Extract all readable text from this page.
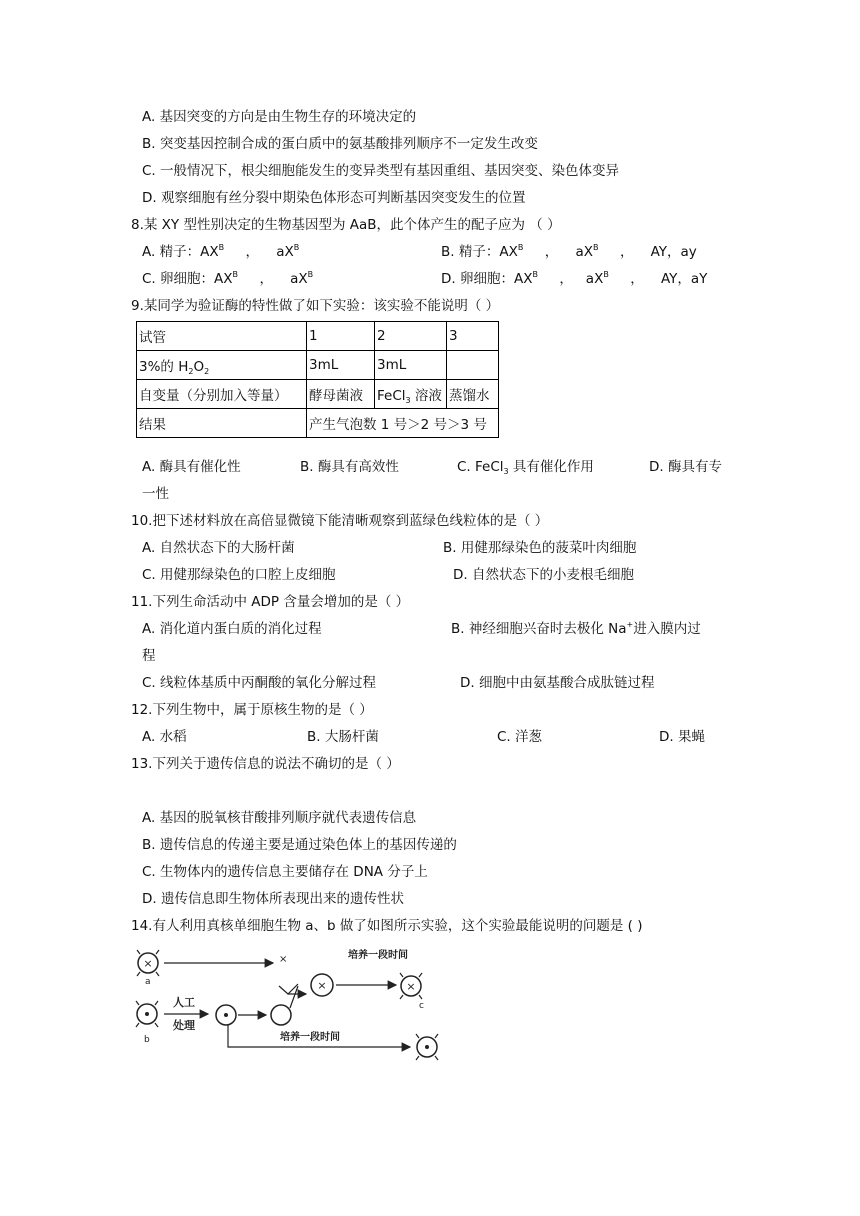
A. 基因突变的方向是由生物生存的环境决定的
B. 突变基因控制合成的蛋白质中的氨基酸排列顺序不一定发生改变
C. 一般情况下，根尖细胞能发生的变异类型有基因重组、基因突变、染色体变异
D. 观察细胞有丝分裂中期染色体形态可判断基因突变发生的位置
8.某 XY 型性别决定的生物基因型为 AaB，此个体产生的配子应为 （ ）
A. 精子：$AX^B$     ，    $aX^B$	B. 精子：$AX^B$     ，    $aX^B$     ，    AY，ay
C. 卵细胞：$AX^B$     ，    $aX^B$	D. 卵细胞：$AX^B$     ，   $aX^B$     ，    AY，aY
9.某同学为验证酶的特性做了如下实验：该实验不能说明（ ）
试管	1	2	3
3%的 $H_2O_2$	3mL	3mL	
自变量（分别加入等量）	酵母菌液	FeCl$_3$ 溶液	蒸馏水
结果	产生气泡数 1 号＞2 号＞3 号		
A. 酶具有催化性	B. 酶具有高效性	C. FeCl$_3$ 具有催化作用	D. 酶具有专
一性
10.把下述材料放在高倍显微镜下能清晰观察到蓝绿色线粒体的是（ ）
A. 自然状态下的大肠杆菌	B. 用健那绿染色的菠菜叶肉细胞
C. 用健那绿染色的口腔上皮细胞	D. 自然状态下的小麦根毛细胞
11.下列生命活动中 ADP 含量会增加的是（ ）
A. 消化道内蛋白质的消化过程	B. 神经细胞兴奋时去极化 Na+进入膜内过
程
C. 线粒体基质中丙酮酸的氧化分解过程	D. 细胞中由氨基酸合成肽链过程
12.下列生物中，属于原核生物的是（ ）
A. 水稻	B. 大肠杆菌	C. 洋葱	D. 果蝇
13.下列关于遗传信息的说法不确切的是（ ）
A. 基因的脱氧核苷酸排列顺序就代表遗传信息
B. 遗传信息的传递主要是通过染色体上的基因传递的
C. 生物体内的遗传信息主要储存在 DNA 分子上
D. 遗传信息即生物体所表现出来的遗传性状
14.有人利用真核单细胞生物 a、b 做了如图所示实验，这个实验最能说明的问题是 ( )
×
a
×
×
培养一段时间
×
c
b
人工
处理
培养一段时间
